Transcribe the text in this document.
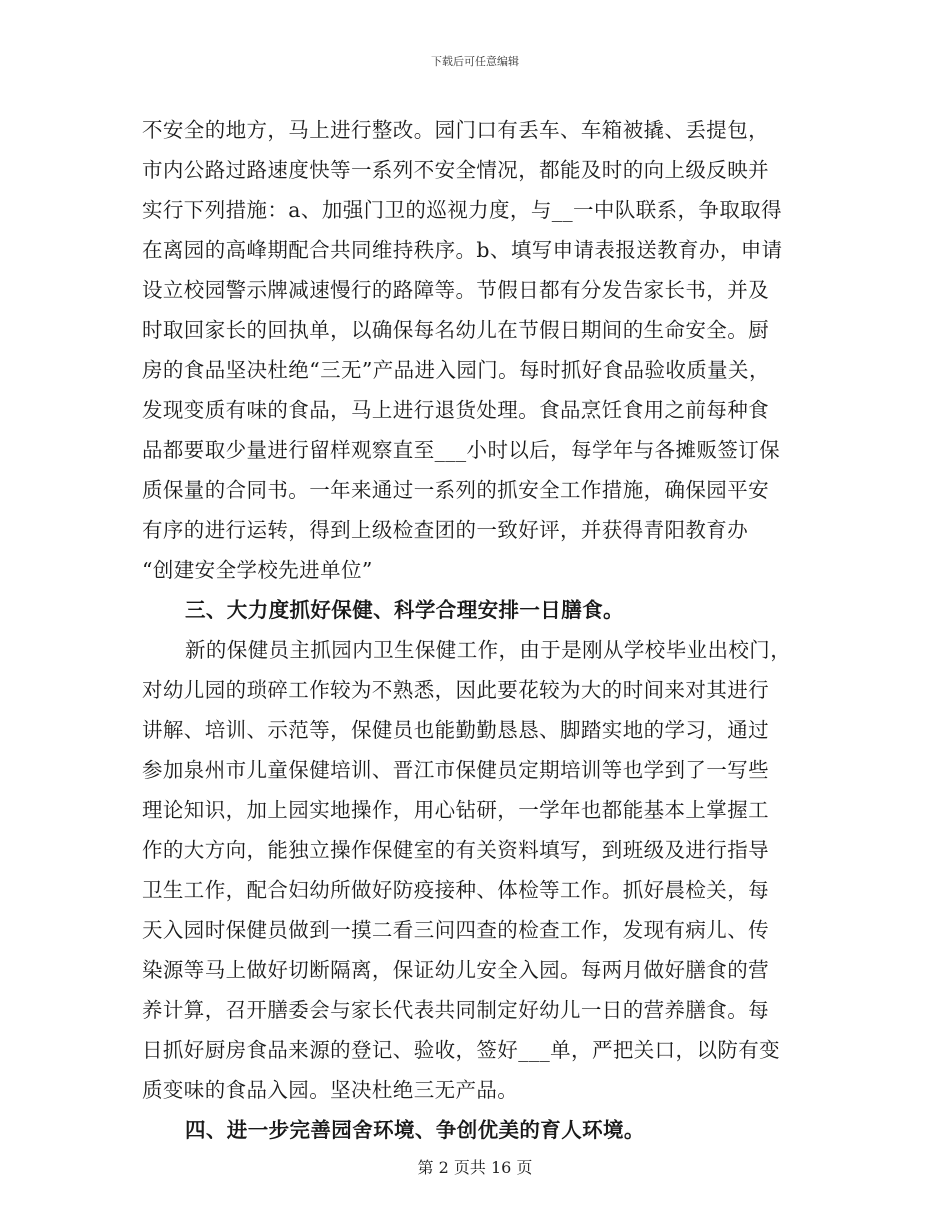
下载后可任意编辑
不安全的地方，马上进行整改。园门口有丢车、车箱被撬、丢提包，
市内公路过路速度快等一系列不安全情况，都能及时的向上级反映并
实行下列措施：a、加强门卫的巡视力度，与__一中队联系，争取取得
在离园的高峰期配合共同维持秩序。b、填写申请表报送教育办，申请
设立校园警示牌减速慢行的路障等。节假日都有分发告家长书，并及
时取回家长的回执单，以确保每名幼儿在节假日期间的生命安全。厨
房的食品坚决杜绝“三无”产品进入园门。每时抓好食品验收质量关，
发现变质有味的食品，马上进行退货处理。食品烹饪食用之前每种食
品都要取少量进行留样观察直至___小时以后，每学年与各摊贩签订保
质保量的合同书。一年来通过一系列的抓安全工作措施，确保园平安
有序的进行运转，得到上级检查团的一致好评，并获得青阳教育办
“创建安全学校先进单位”
三、大力度抓好保健、科学合理安排一日膳食。
新的保健员主抓园内卫生保健工作，由于是刚从学校毕业出校门，
对幼儿园的琐碎工作较为不熟悉，因此要花较为大的时间来对其进行
讲解、培训、示范等，保健员也能勤勤恳恳、脚踏实地的学习，通过
参加泉州市儿童保健培训、晋江市保健员定期培训等也学到了一写些
理论知识，加上园实地操作，用心钻研，一学年也都能基本上掌握工
作的大方向，能独立操作保健室的有关资料填写，到班级及进行指导
卫生工作，配合妇幼所做好防疫接种、体检等工作。抓好晨检关，每
天入园时保健员做到一摸二看三问四查的检查工作，发现有病儿、传
染源等马上做好切断隔离，保证幼儿安全入园。每两月做好膳食的营
养计算，召开膳委会与家长代表共同制定好幼儿一日的营养膳食。每
日抓好厨房食品来源的登记、验收，签好___单，严把关口，以防有变
质变味的食品入园。坚决杜绝三无产品。
四、进一步完善园舍环境、争创优美的育人环境。
第 2 页共 16 页
